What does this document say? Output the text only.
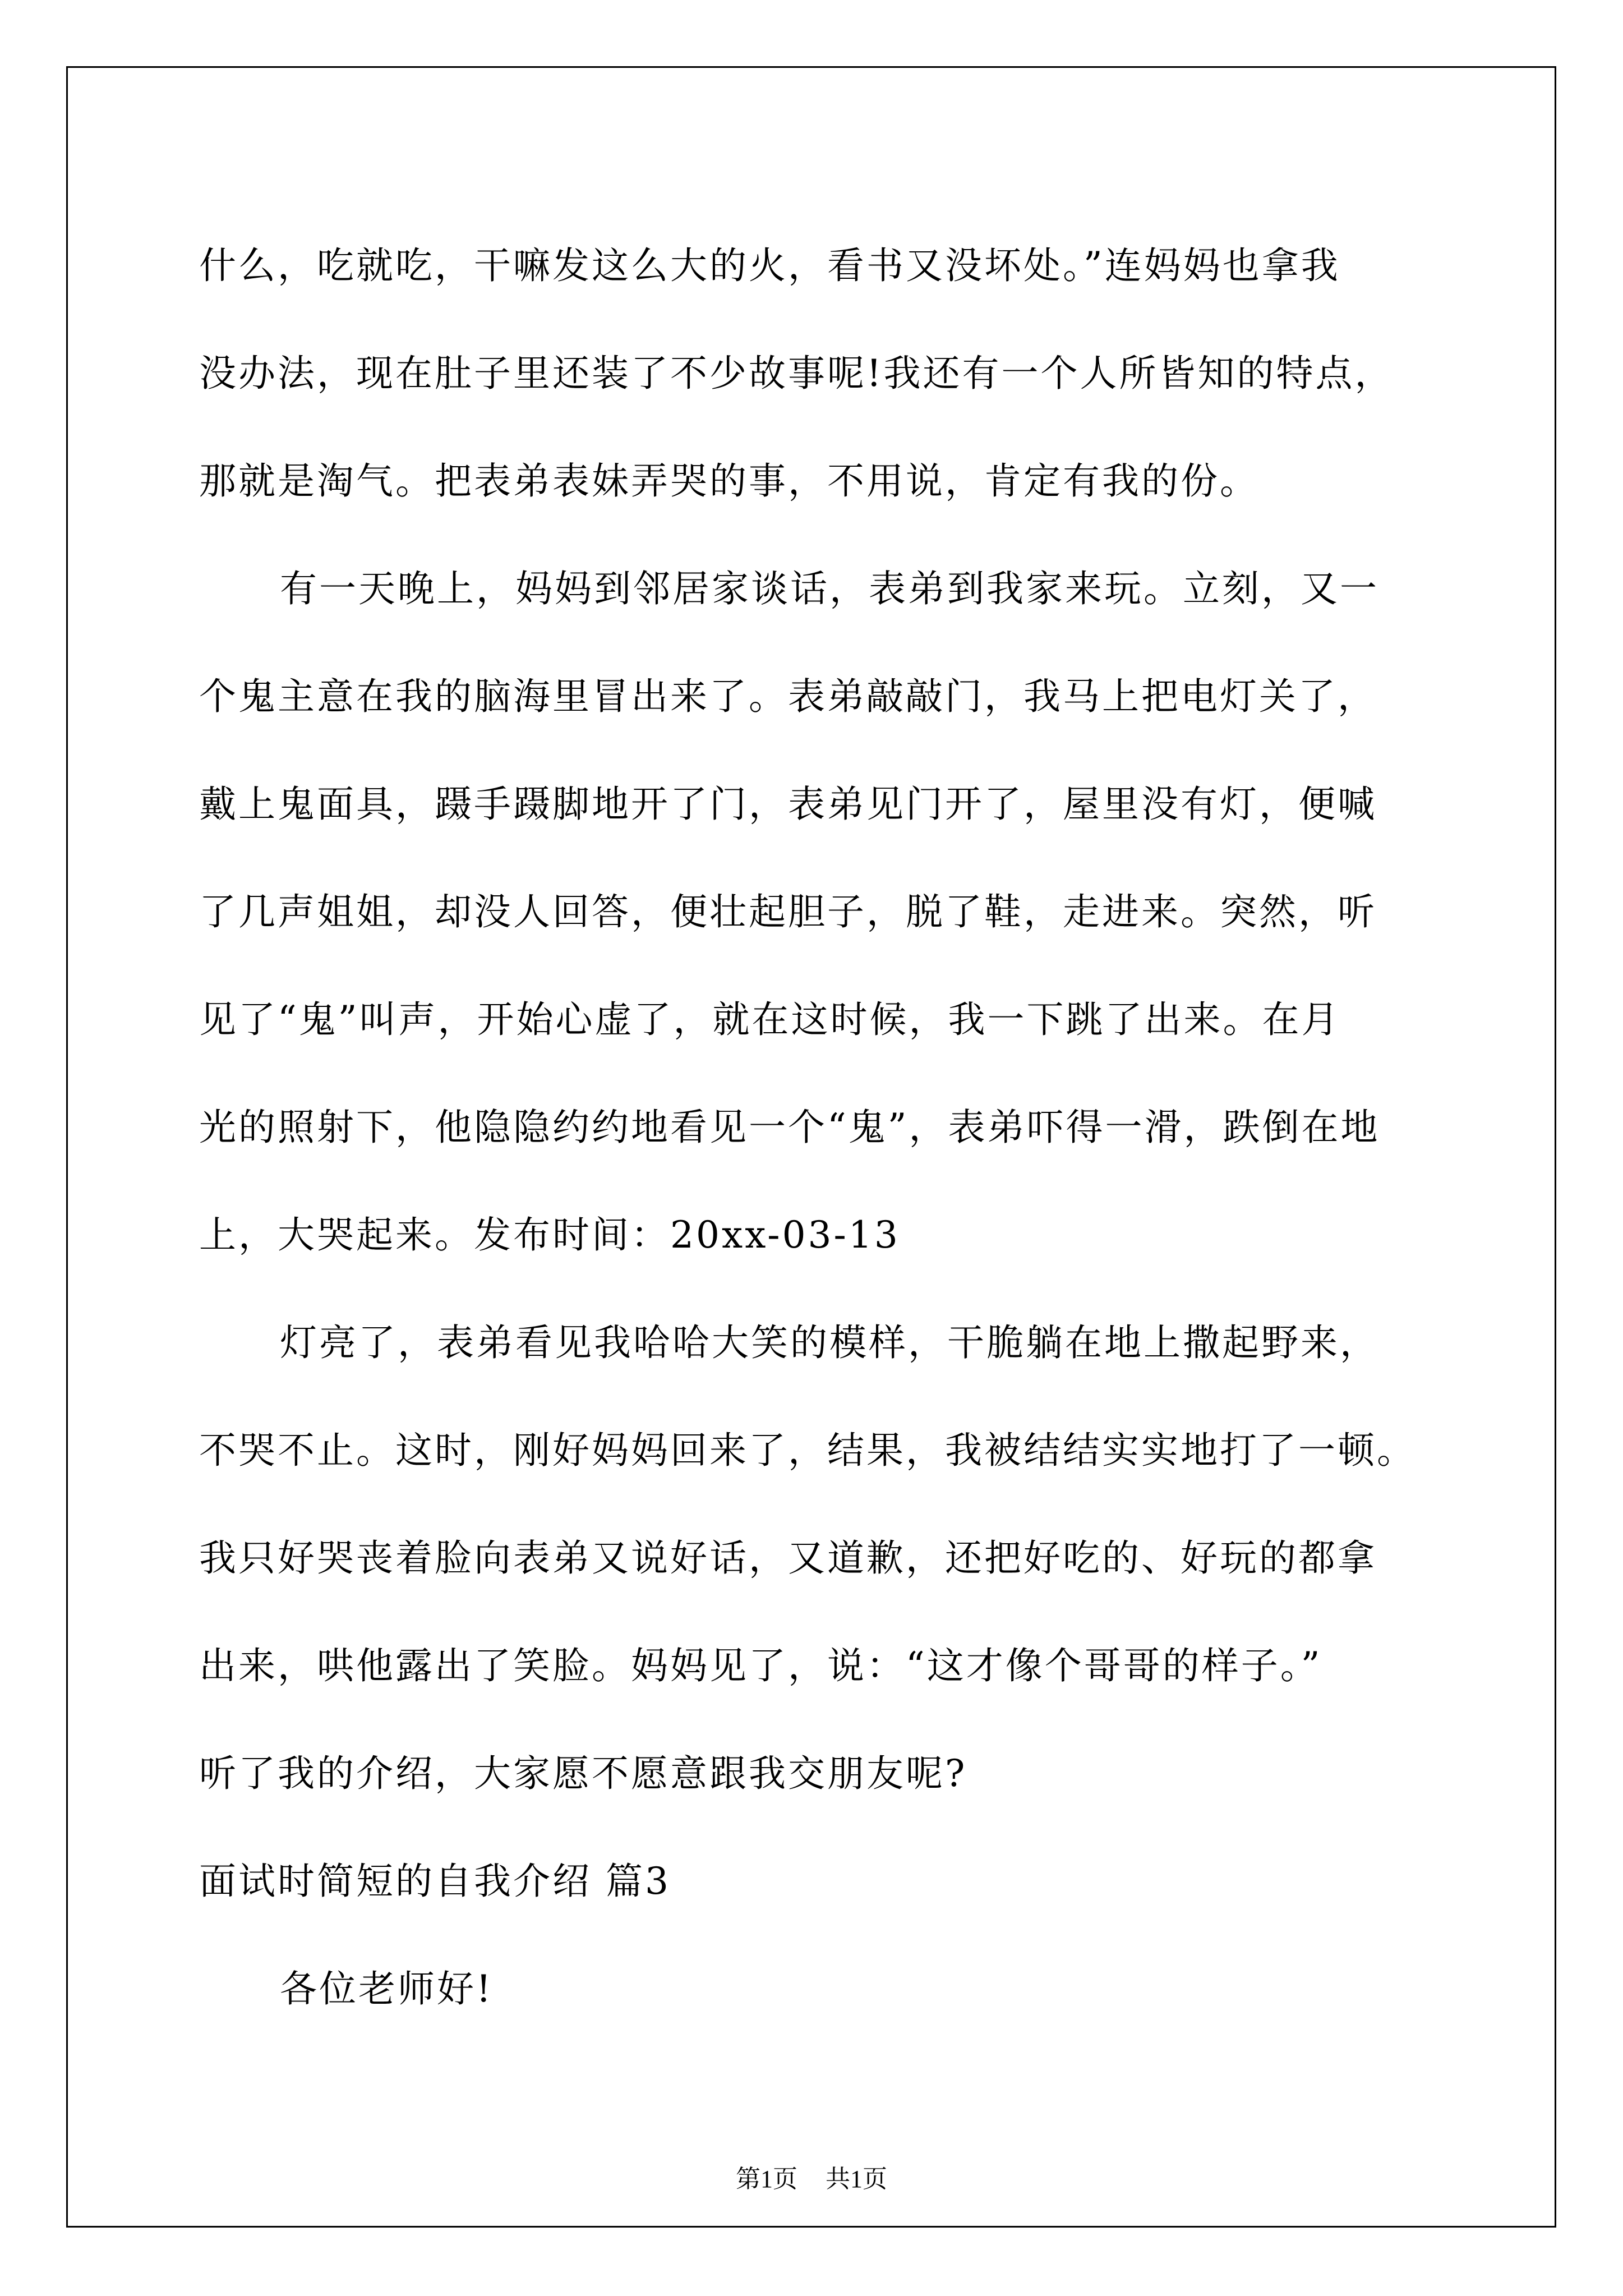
什么，吃就吃，干嘛发这么大的火，看书又没坏处。”连妈妈也拿我
没办法，现在肚子里还装了不少故事呢!我还有一个人所皆知的特点，
那就是淘气。把表弟表妹弄哭的事，不用说，肯定有我的份。
有一天晚上，妈妈到邻居家谈话，表弟到我家来玩。立刻，又一
个鬼主意在我的脑海里冒出来了。表弟敲敲门，我马上把电灯关了，
戴上鬼面具，蹑手蹑脚地开了门，表弟见门开了，屋里没有灯，便喊
了几声姐姐，却没人回答，便壮起胆子，脱了鞋，走进来。突然，听
见了“鬼”叫声，开始心虚了，就在这时候，我一下跳了出来。在月
光的照射下，他隐隐约约地看见一个“鬼”，表弟吓得一滑，跌倒在地
上，大哭起来。发布时间：20xx-03-13
灯亮了，表弟看见我哈哈大笑的模样，干脆躺在地上撒起野来，
不哭不止。这时，刚好妈妈回来了，结果，我被结结实实地打了一顿。
我只好哭丧着脸向表弟又说好话，又道歉，还把好吃的、好玩的都拿
出来，哄他露出了笑脸。妈妈见了，说：“这才像个哥哥的样子。”
听了我的介绍，大家愿不愿意跟我交朋友呢?
面试时简短的自我介绍 篇3
各位老师好!
第1页 共1页
